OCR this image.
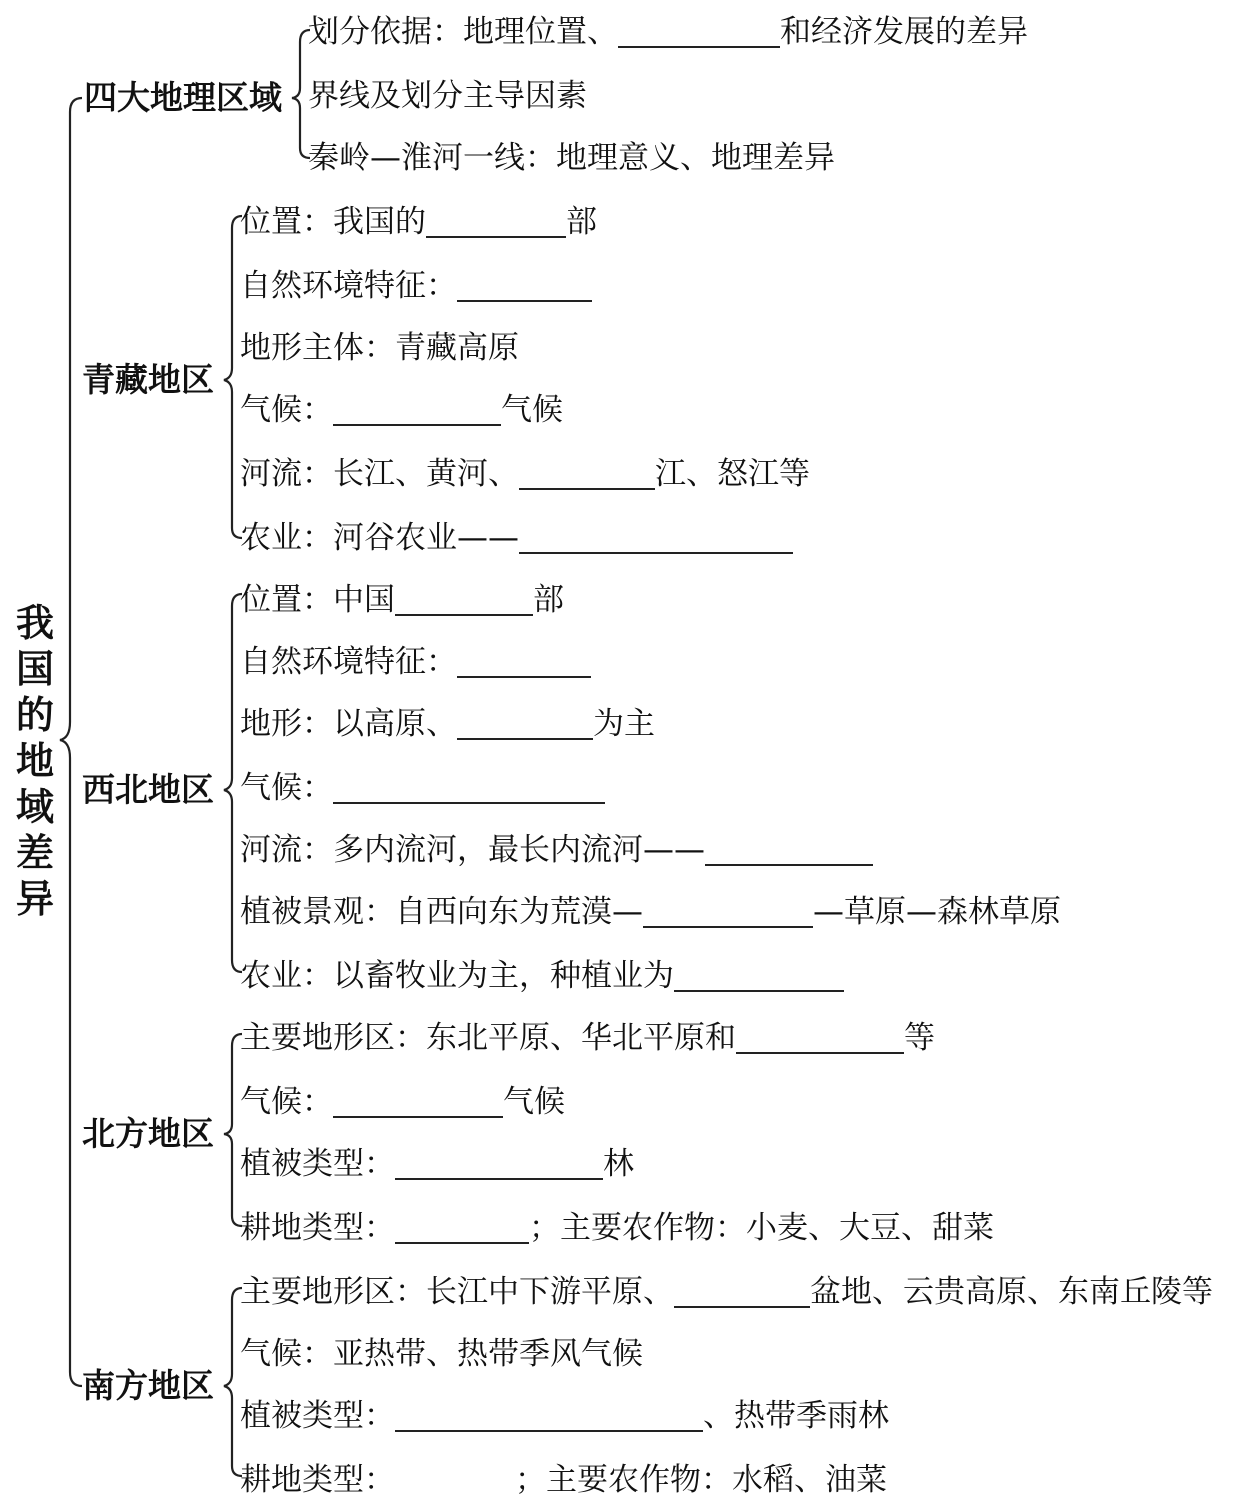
我国的地域差异
四大地理区域
划分依据：地理位置、	和经济发展的差异
界线及划分主导因素
秦岭—淮河一线：地理意义、地理差异
青藏地区
位置：我国的	部
自然环境特征：
地形主体：青藏高原
气候：	气候
河流：长江、黄河、	江、怒江等
农业：河谷农业——
西北地区
位置：中国	部
自然环境特征：
地形：以高原、	为主
气候：
河流：多内流河，最长内流河——
植被景观：自西向东为荒漠—	—草原—森林草原
农业：以畜牧业为主，种植业为
北方地区
主要地形区：东北平原、华北平原和	等
气候：	气候
植被类型：	林
耕地类型：	；主要农作物：小麦、大豆、甜菜
南方地区
主要地形区：长江中下游平原、	盆地、云贵高原、东南丘陵等
气候：亚热带、热带季风气候
植被类型：	、热带季雨林
耕地类型：	；主要农作物：水稻、油菜
